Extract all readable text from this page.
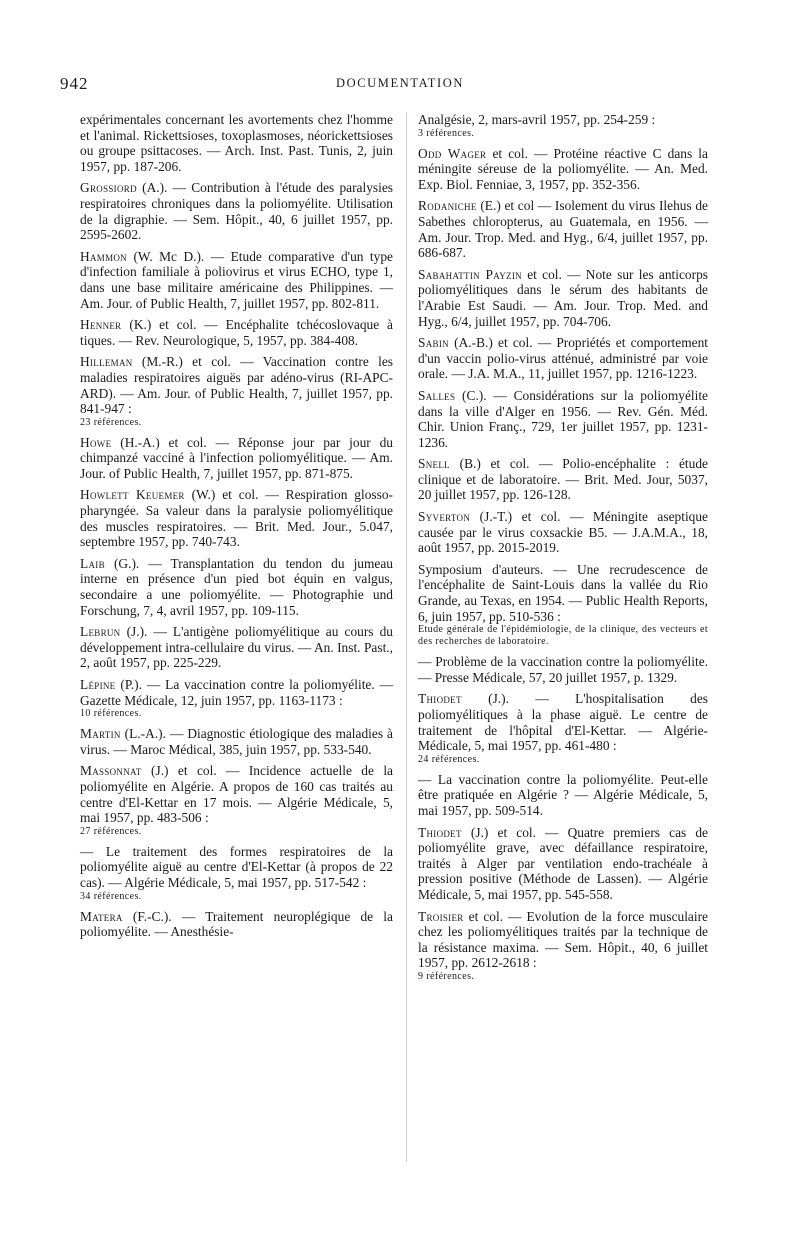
942	DOCUMENTATION
expérimentales concernant les avortements chez l'homme et l'animal. Rickettsioses, toxoplasmoses, néorickettsioses ou groupe psittacoses. — Arch. Inst. Past. Tunis, 2, juin 1957, pp. 187-206.
Grossiord (A.). — Contribution à l'étude des paralysies respiratoires chroniques dans la poliomyélite. Utilisation de la digraphie. — Sem. Hôpit., 40, 6 juillet 1957, pp. 2595-2602.
Hammon (W. Mc D.). — Etude comparative d'un type d'infection familiale à poliovirus et virus ECHO, type 1, dans une base militaire américaine des Philippines. — Am. Jour. of Public Health, 7, juillet 1957, pp. 802-811.
Henner (K.) et col. — Encéphalite tchécoslovaque à tiques. — Rev. Neurologique, 5, 1957, pp. 384-408.
Hilleman (M.-R.) et col. — Vaccination contre les maladies respiratoires aiguës par adéno-virus (RI-APC-ARD). — Am. Jour. of Public Health, 7, juillet 1957, pp. 841-947 :
23 références.
Howe (H.-A.) et col. — Réponse jour par jour du chimpanzé vacciné à l'infection poliomyélitique. — Am. Jour. of Public Health, 7, juillet 1957, pp. 871-875.
Howlett Keuemer (W.) et col. — Respiration glosso-pharyngée. Sa valeur dans la paralysie poliomyélitique des muscles respiratoires. — Brit. Med. Jour., 5.047, septembre 1957, pp. 740-743.
Laib (G.). — Transplantation du tendon du jumeau interne en présence d'un pied bot équin en valgus, secondaire a une poliomyélite. — Photographie und Forschung, 7, 4, avril 1957, pp. 109-115.
Lebrun (J.). — L'antigène poliomyélitique au cours du développement intra-cellulaire du virus. — An. Inst. Past., 2, août 1957, pp. 225-229.
Lépine (P.). — La vaccination contre la poliomyélite. — Gazette Médicale, 12, juin 1957, pp. 1163-1173 :
10 références.
Martin (L.-A.). — Diagnostic étiologique des maladies à virus. — Maroc Médical, 385, juin 1957, pp. 533-540.
Massonnat (J.) et col. — Incidence actuelle de la poliomyélite en Algérie. A propos de 160 cas traités au centre d'El-Kettar en 17 mois. — Algérie Médicale, 5, mai 1957, pp. 483-506 :
27 références.
— Le traitement des formes respiratoires de la poliomyélite aiguë au centre d'El-Kettar (à propos de 22 cas). — Algérie Médicale, 5, mai 1957, pp. 517-542 :
34 références.
Matera (F.-C.). — Traitement neuroplégique de la poliomyélite. — Anesthésie-
Analgésie, 2, mars-avril 1957, pp. 254-259 :
3 références.
Odd Wager et col. — Protéine réactive C dans la méningite séreuse de la poliomyélite. — An. Med. Exp. Biol. Fenniae, 3, 1957, pp. 352-356.
Rodaniche (E.) et col — Isolement du virus Ilehus de Sabethes chloropterus, au Guatemala, en 1956. — Am. Jour. Trop. Med. and Hyg., 6/4, juillet 1957, pp. 686-687.
Sabahattin Payzin et col. — Note sur les anticorps poliomyélitiques dans le sérum des habitants de l'Arabie Est Saudi. — Am. Jour. Trop. Med. and Hyg., 6/4, juillet 1957, pp. 704-706.
Sabin (A.-B.) et col. — Propriétés et comportement d'un vaccin polio-virus atténué, administré par voie orale. — J.A. M.A., 11, juillet 1957, pp. 1216-1223.
Salles (C.). — Considérations sur la poliomyélite dans la ville d'Alger en 1956. — Rev. Gén. Méd. Chir. Union Franç., 729, 1er juillet 1957, pp. 1231-1236.
Snell (B.) et col. — Polio-encéphalite : étude clinique et de laboratoire. — Brit. Med. Jour, 5037, 20 juillet 1957, pp. 126-128.
Syverton (J.-T.) et col. — Méningite aseptique causée par le virus coxsackie B5. — J.A.M.A., 18, août 1957, pp. 2015-2019.
Symposium d'auteurs. — Une recrudescence de l'encéphalite de Saint-Louis dans la vallée du Rio Grande, au Texas, en 1954. — Public Health Reports, 6, juin 1957, pp. 510-536 :
Etude générale de l'épidémiologie, de la clinique, des vecteurs et des recherches de laboratoire.
— Problème de la vaccination contre la poliomyélite. — Presse Médicale, 57, 20 juillet 1957, p. 1329.
Thiodet (J.). — L'hospitalisation des poliomyélitiques à la phase aiguë. Le centre de traitement de l'hôpital d'El-Kettar. — Algérie-Médicale, 5, mai 1957, pp. 461-480 :
24 références.
— La vaccination contre la poliomyélite. Peut-elle être pratiquée en Algérie ? — Algérie Médicale, 5, mai 1957, pp. 509-514.
Thiodet (J.) et col. — Quatre premiers cas de poliomyélite grave, avec défaillance respiratoire, traités à Alger par ventilation endo-trachéale à pression positive (Méthode de Lassen). — Algérie Médicale, 5, mai 1957, pp. 545-558.
Troisier et col. — Evolution de la force musculaire chez les poliomyélitiques traités par la technique de la résistance maxima. — Sem. Hôpit., 40, 6 juillet 1957, pp. 2612-2618 :
9 références.
